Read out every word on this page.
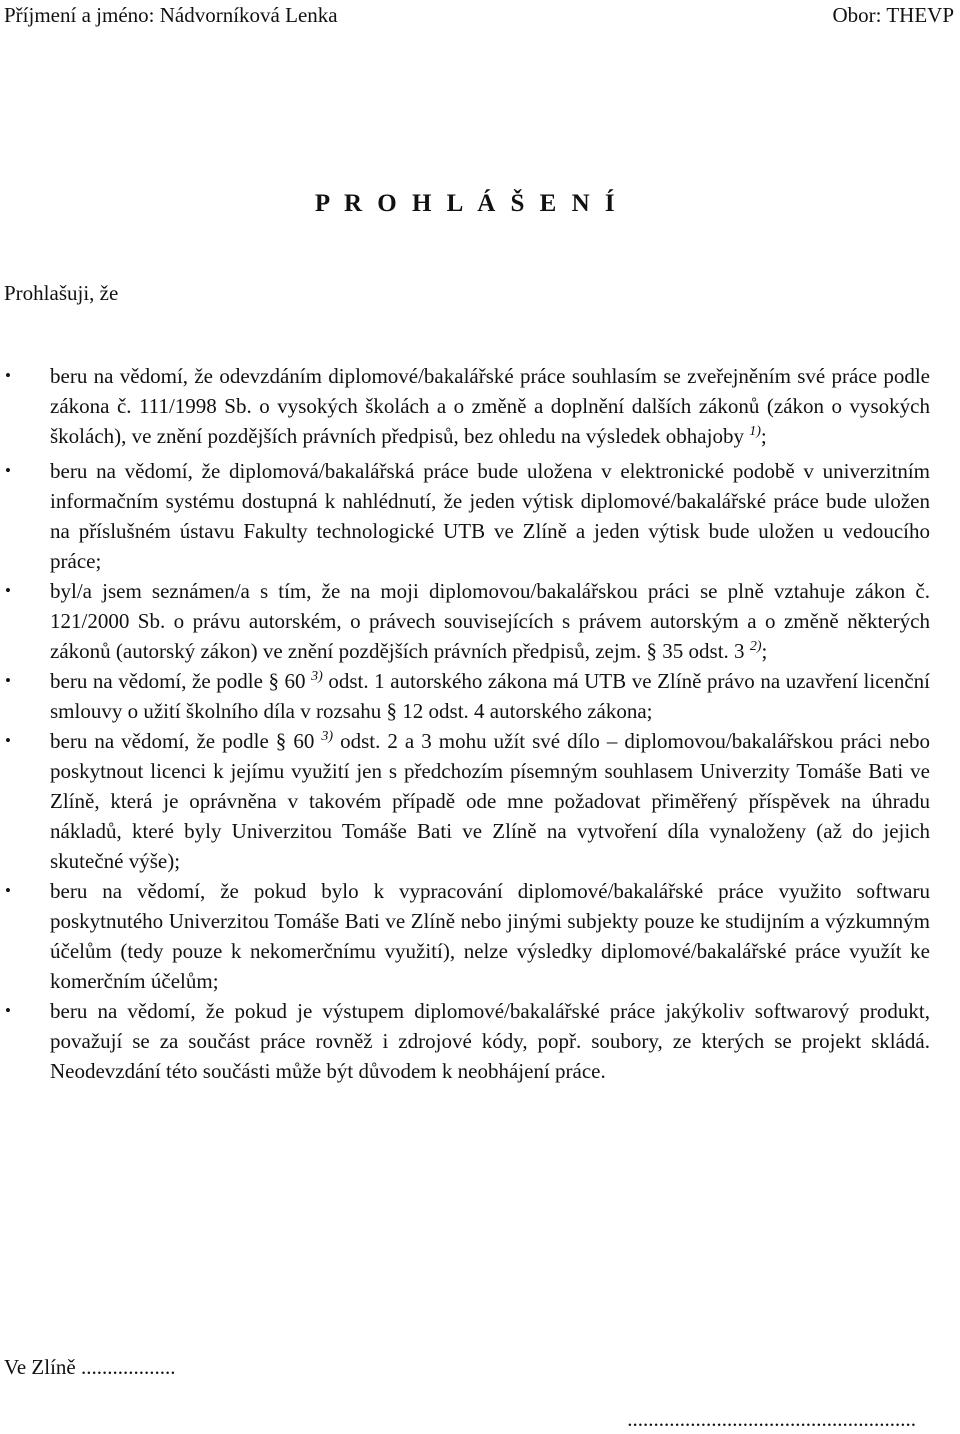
Příjmení a jméno: Nádvorníková Lenka	Obor: THEVP
P R O H L Á Š E N Í
Prohlašuji, že
• beru na vědomí, že odevzdáním diplomové/bakalářské práce souhlasím se zveřejněním své práce podle zákona č. 111/1998 Sb. o vysokých školách a o změně a doplnění dalších zákonů (zákon o vysokých školách), ve znění pozdějších právních předpisů, bez ohledu na výsledek obhajoby $^{1)}$;
• beru na vědomí, že diplomová/bakalářská práce bude uložena v elektronické podobě v univerzitním informačním systému dostupná k nahlédnutí, že jeden výtisk diplomové/bakalářské práce bude uložen na příslušném ústavu Fakulty technologické UTB ve Zlíně a jeden výtisk bude uložen u vedoucího práce;
• byl/a jsem seznámen/a s tím, že na moji diplomovou/bakalářskou práci se plně vztahuje zákon č. 121/2000 Sb. o právu autorském, o právech souvisejících s právem autorským a o změně některých zákonů (autorský zákon) ve znění pozdějších právních předpisů, zejm. § 35 odst. 3 $^{2)}$;
• beru na vědomí, že podle § 60 $^{3)}$ odst. 1 autorského zákona má UTB ve Zlíně právo na uzavření licenční smlouvy o užití školního díla v rozsahu § 12 odst. 4 autorského zákona;
• beru na vědomí, že podle § 60 $^{3)}$ odst. 2 a 3 mohu užít své dílo – diplomovou/bakalářskou práci nebo poskytnout licenci k jejímu využití jen s předchozím písemným souhlasem Univerzity Tomáše Bati ve Zlíně, která je oprávněna v takovém případě ode mne požadovat přiměřený příspěvek na úhradu nákladů, které byly Univerzitou Tomáše Bati ve Zlíně na vytvoření díla vynaloženy (až do jejich skutečné výše);
• beru na vědomí, že pokud bylo k vypracování diplomové/bakalářské práce využito softwaru poskytnutého Univerzitou Tomáše Bati ve Zlíně nebo jinými subjekty pouze ke studijním a výzkumným účelům (tedy pouze k nekomerčnímu využití), nelze výsledky diplomové/bakalářské práce využít ke komerčním účelům;
• beru na vědomí, že pokud je výstupem diplomové/bakalářské práce jakýkoliv softwarový produkt, považují se za součást práce rovněž i zdrojové kódy, popř. soubory, ze kterých se projekt skládá. Neodevzdání této součásti může být důvodem k neobhájení práce.
Ve Zlíně ..................
.......................................................
